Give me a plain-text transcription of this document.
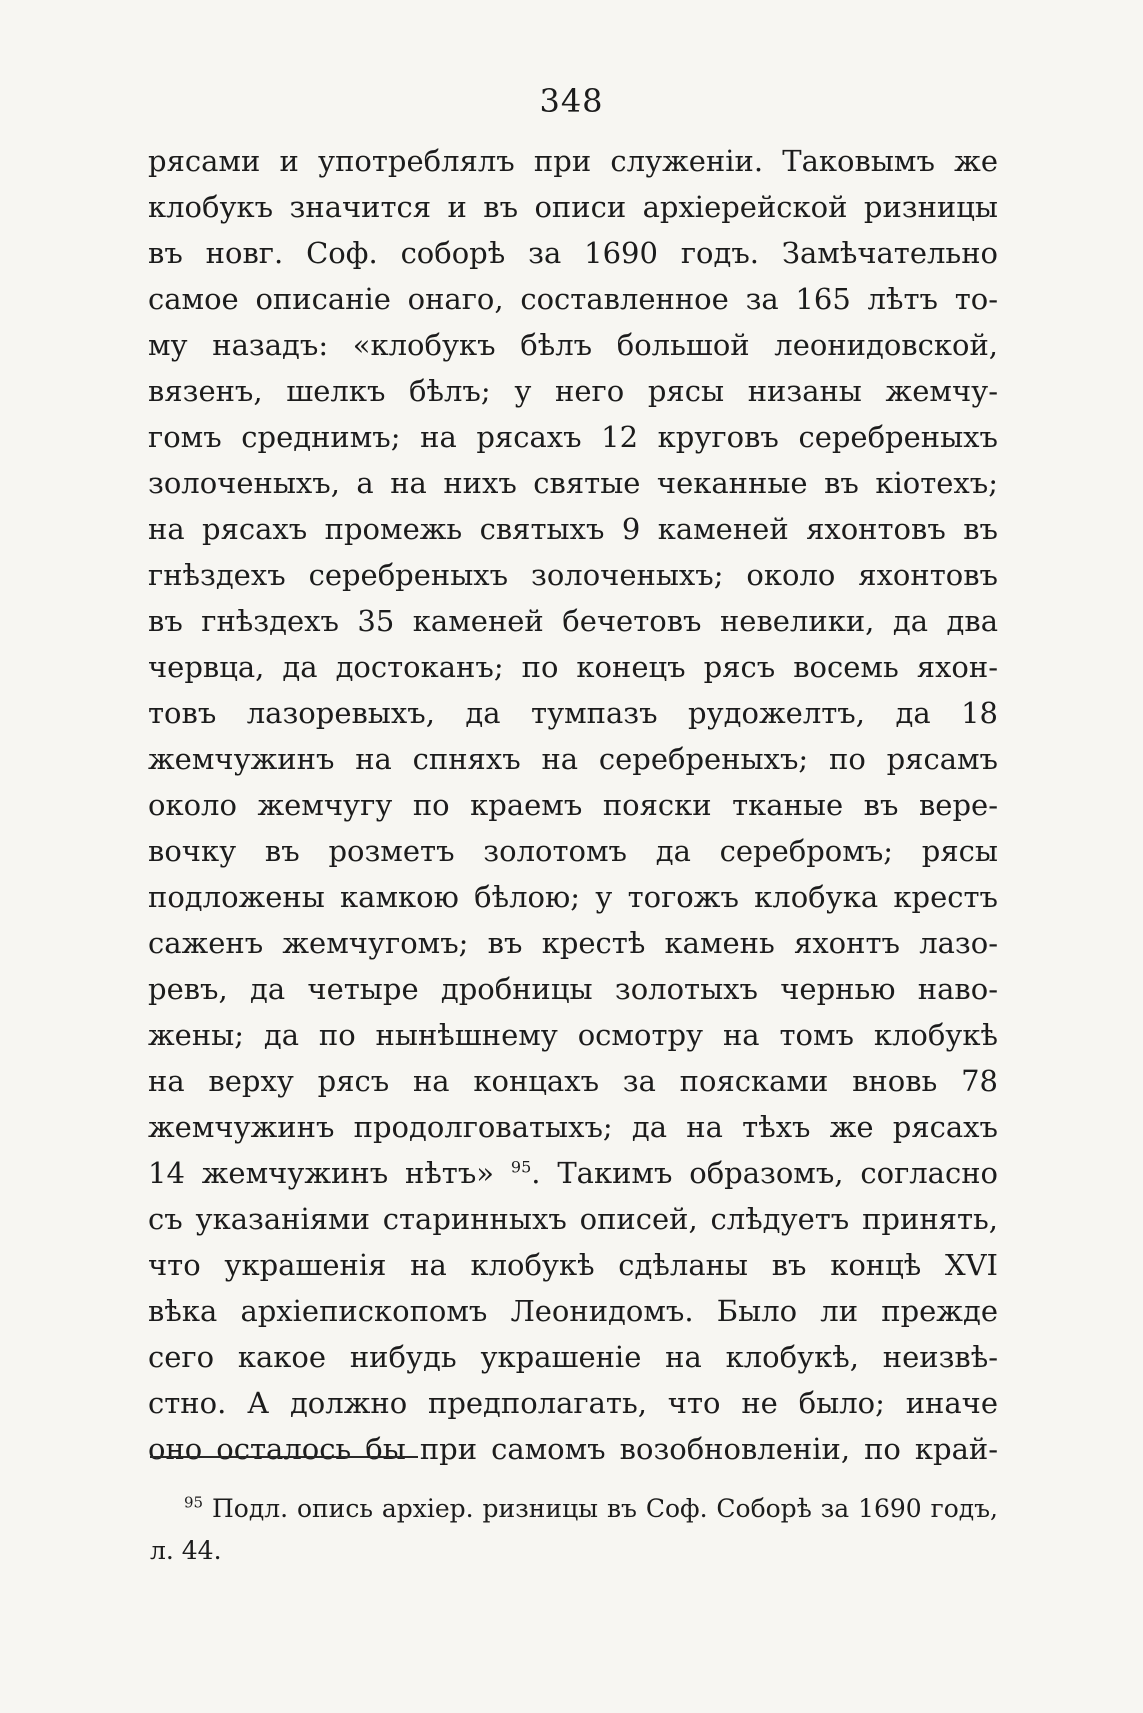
348
рясами и употреблялъ при служеніи. Таковымъ же
клобукъ значится и въ описи архіерейской ризницы
въ новг. Соф. соборѣ за 1690 годъ. Замѣчательно
самое описаніе онаго, составленное за 165 лѣтъ то-
му назадъ: «клобукъ бѣлъ большой леонидовской,
вязенъ, шелкъ бѣлъ; у него рясы низаны жемчу-
гомъ среднимъ; на рясахъ 12 круговъ серебреныхъ
золоченыхъ, а на нихъ святые чеканные въ кіотехъ;
на рясахъ промежь святыхъ 9 каменей яхонтовъ въ
гнѣздехъ серебреныхъ золоченыхъ; около яхонтовъ
въ гнѣздехъ 35 каменей бечетовъ невелики, да два
червца, да достоканъ; по конецъ рясъ восемь яхон-
товъ лазоревыхъ, да тумпазъ рудожелтъ, да 18
жемчужинъ на спняхъ на серебреныхъ; по рясамъ
около жемчугу по краемъ пояски тканые въ вере-
вочку въ розметъ золотомъ да серебромъ; рясы
подложены камкою бѣлою; у тогожъ клобука крестъ
саженъ жемчугомъ; въ крестѣ камень яхонтъ лазо-
ревъ, да четыре дробницы золотыхъ чернью наво-
жены; да по нынѣшнему осмотру на томъ клобукѣ
на верху рясъ на концахъ за поясками вновь 78
жемчужинъ продолговатыхъ; да на тѣхъ же рясахъ
14 жемчужинъ нѣтъ» $^{95}$. Такимъ образомъ, согласно
съ указаніями старинныхъ описей, слѣдуетъ принять,
что украшенія на клобукѣ сдѣланы въ концѣ XVI
вѣка архіепископомъ Леонидомъ. Было ли прежде
сего какое нибудь украшеніе на клобукѣ, неизвѣ-
стно. А должно предполагать, что не было; иначе
оно осталось бы при самомъ возобновленіи, по край-
$^{95}$ Подл. опись архіер. ризницы въ Соф. Соборѣ за 1690 годъ,
л. 44.
